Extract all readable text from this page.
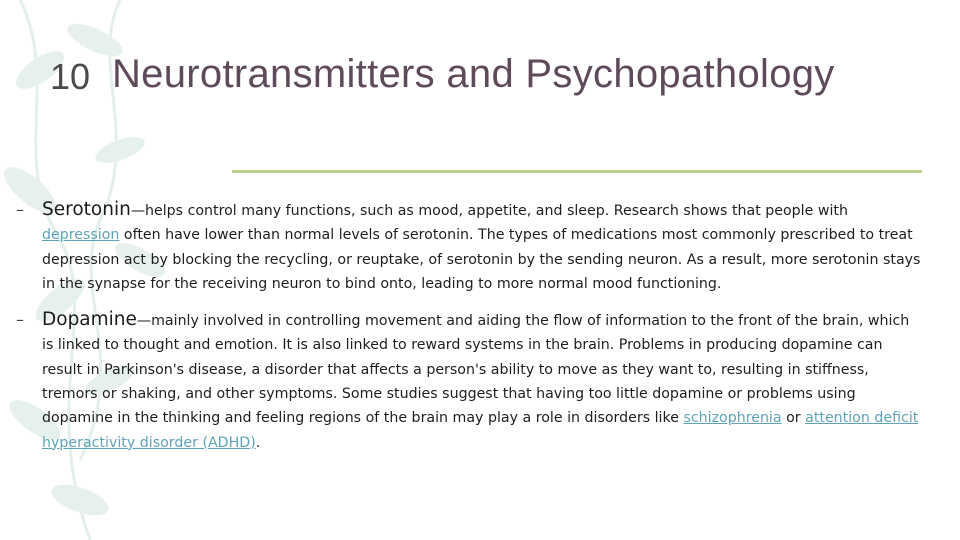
10 Neurotransmitters and Psychopathology
– Serotonin—helps control many functions, such as mood, appetite, and sleep. Research shows that people with depression often have lower than normal levels of serotonin. The types of medications most commonly prescribed to treat depression act by blocking the recycling, or reuptake, of serotonin by the sending neuron. As a result, more serotonin stays in the synapse for the receiving neuron to bind onto, leading to more normal mood functioning.
– Dopamine—mainly involved in controlling movement and aiding the flow of information to the front of the brain, which is linked to thought and emotion. It is also linked to reward systems in the brain. Problems in producing dopamine can result in Parkinson's disease, a disorder that affects a person's ability to move as they want to, resulting in stiffness, tremors or shaking, and other symptoms. Some studies suggest that having too little dopamine or problems using dopamine in the thinking and feeling regions of the brain may play a role in disorders like schizophrenia or attention deficit hyperactivity disorder (ADHD).
